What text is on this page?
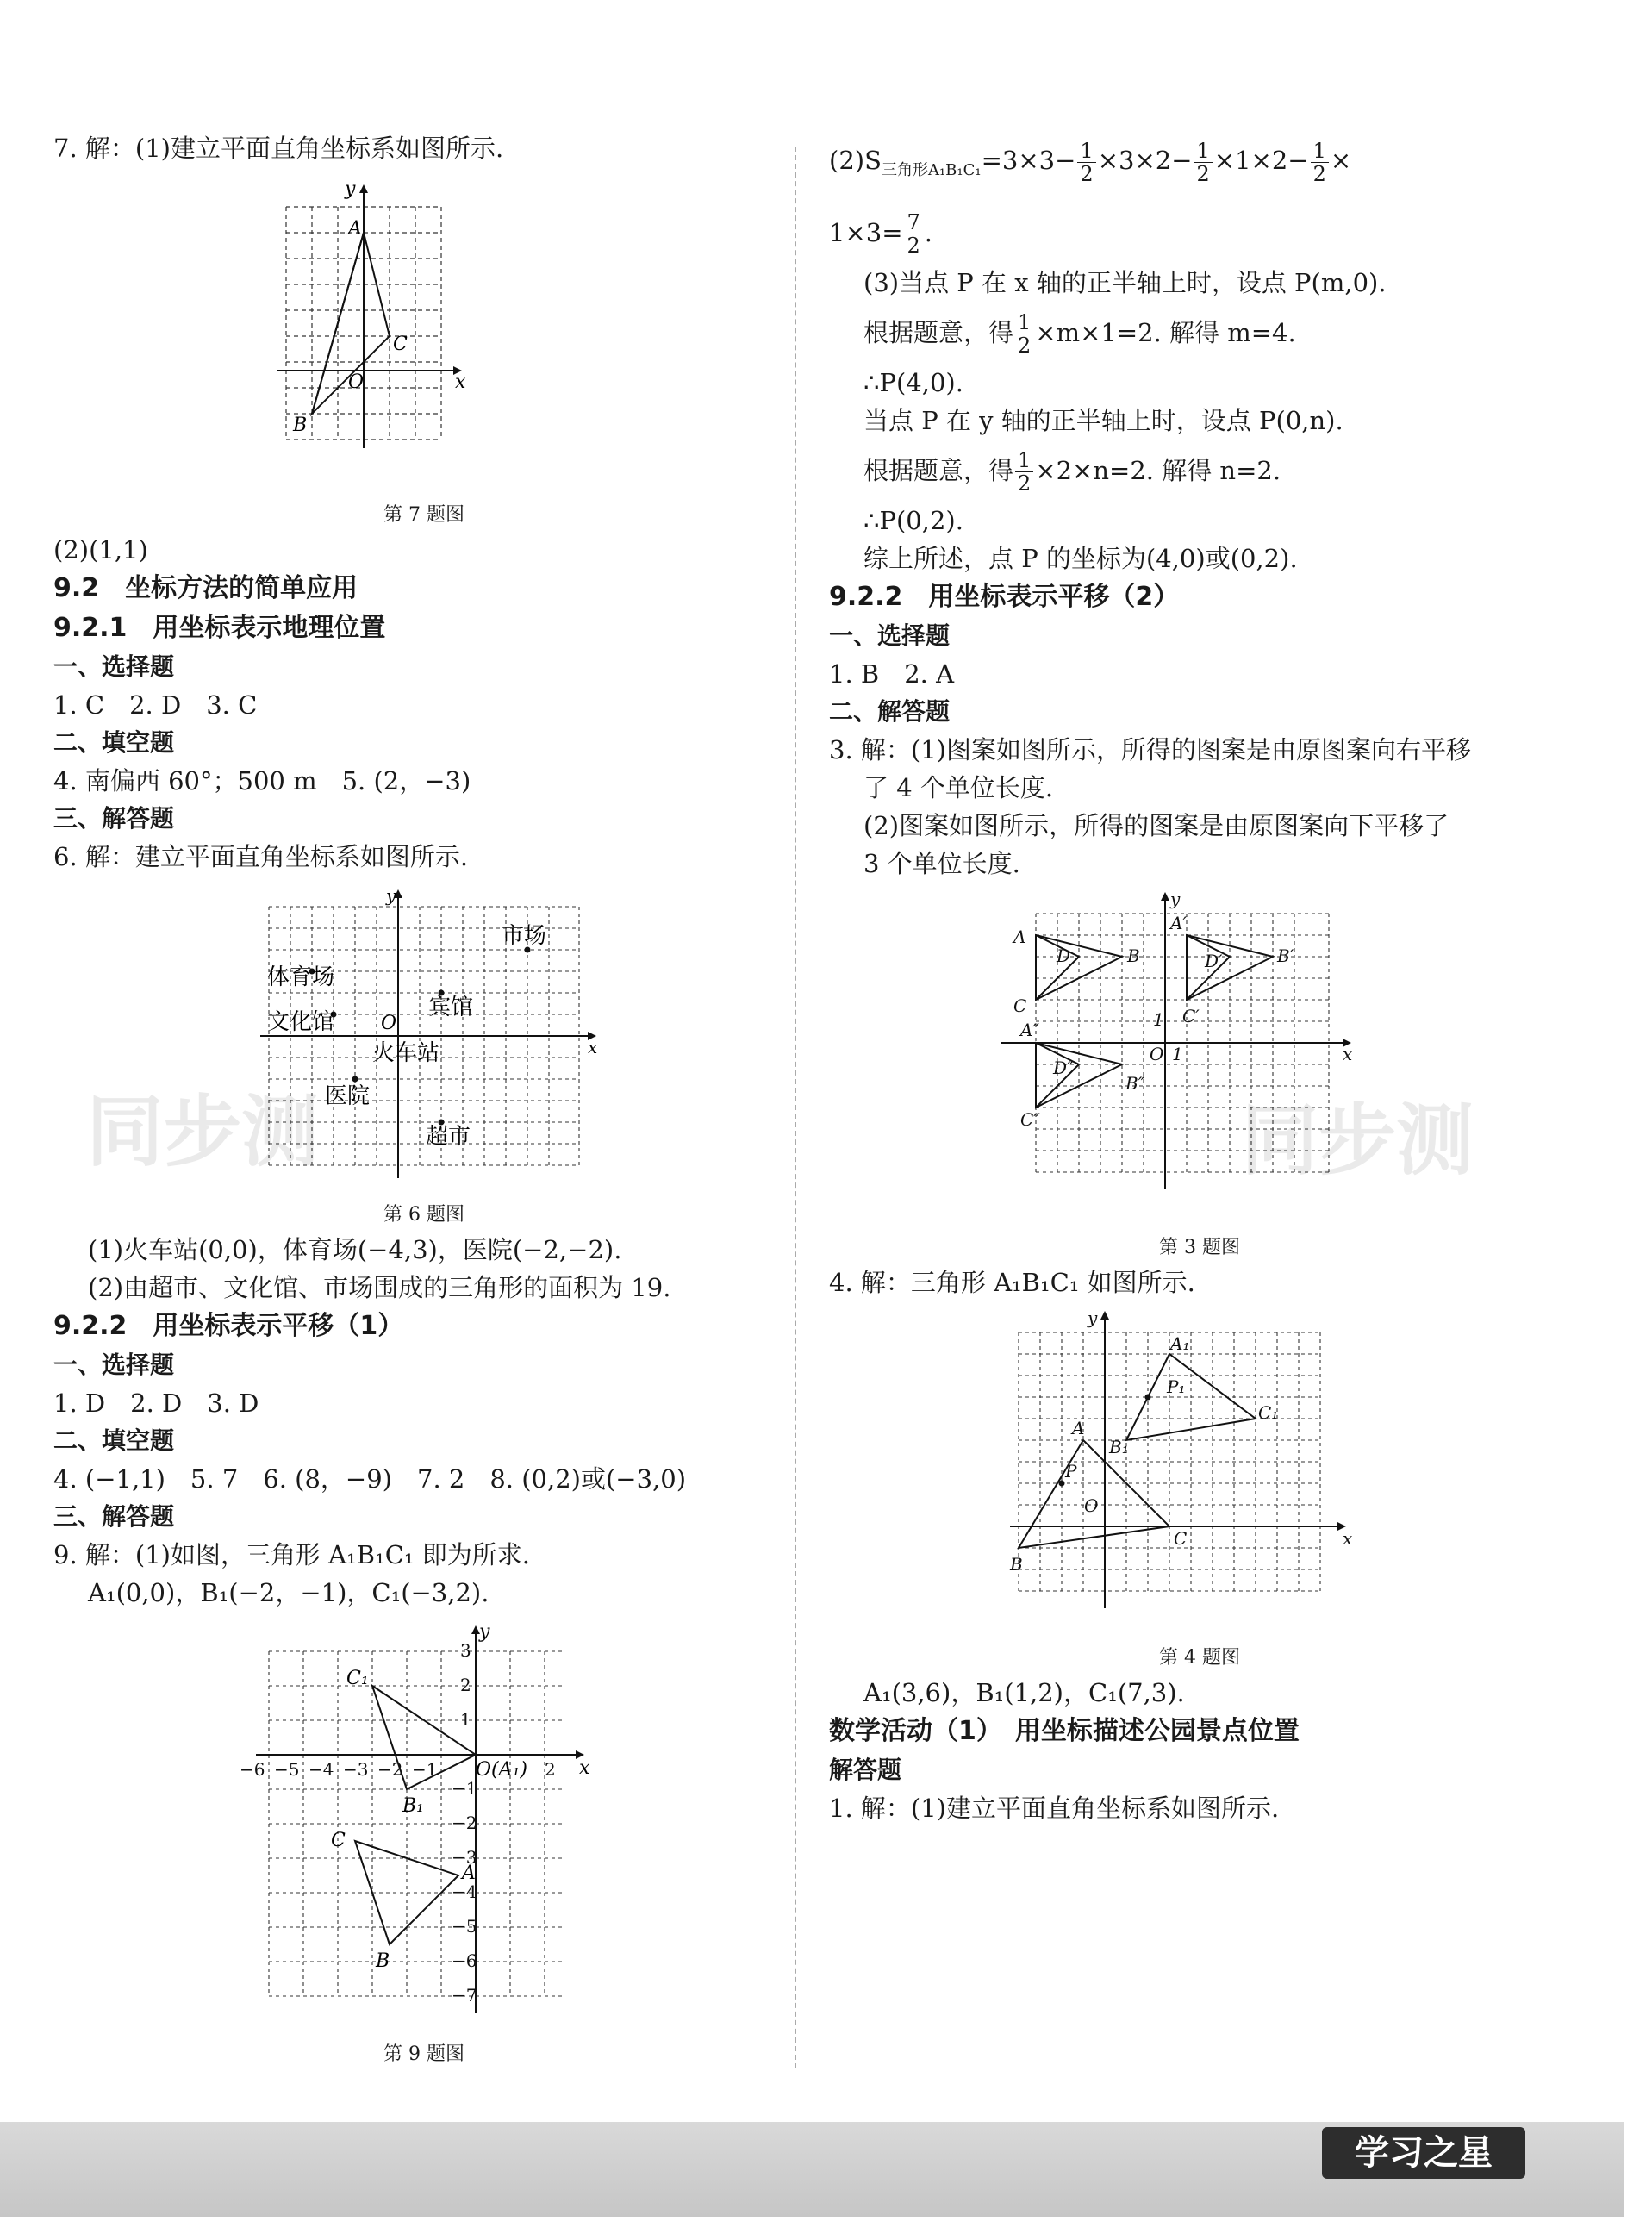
7. 解：(1)建立平面直角坐标系如图所示.
y
x
A
C
O
B
第 7 题图
(2)(1,1)
9.2　坐标方法的简单应用
9.2.1　用坐标表示地理位置
一、选择题
1. C　2. D　3. C
二、填空题
4. 南偏西 60°；500 m　5. (2，−3)
三、解答题
6. 解：建立平面直角坐标系如图所示.
y
x
O
市场
体育场
宾馆
文化馆
火车站
医院
超市
第 6 题图
(1)火车站(0,0)，体育场(−4,3)，医院(−2,−2).
(2)由超市、文化馆、市场围成的三角形的面积为 19.
9.2.2　用坐标表示平移（1）
一、选择题
1. D　2. D　3. D
二、填空题
4. (−1,1)　5. 7　6. (8，−9)　7. 2　8. (0,2)或(−3,0)
三、解答题
9. 解：(1)如图，三角形 A₁B₁C₁ 即为所求.
A₁(0,0)，B₁(−2，−1)，C₁(−3,2).
−6 −5 −4 −3 −2 −1	2
3
2
1
−1
−2
−3
−4
−5
−6
−7
y
x
O(A₁)
C₁
B₁
C
A
B
第 9 题图
$(2)S_{三角形A_1B_1C_1}=3\times 3- \frac{1}{2} \times 3\times 2- \frac{1}{2} \times 1\times 2- \frac{1}{2}$ ×
$1\times 3= \frac{7}{2}$ .
(3)当点 P 在 x 轴的正半轴上时，设点 P(m,0).
根据题意，得 $\frac{1}{2} \times m\times 1=2$. 解得 m=4.
∴P(4,0).
当点 P 在 y 轴的正半轴上时，设点 P(0,n).
根据题意，得 $\frac{1}{2} \times 2\times n=2$. 解得 n=2.
∴P(0,2).
综上所述，点 P 的坐标为(4,0)或(0,2).
9.2.2　用坐标表示平移（2）
一、选择题
1. B　2. A
二、解答题
3. 解：(1)图案如图所示，所得的图案是由原图案向右平移
了 4 个单位长度.
(2)图案如图所示，所得的图案是由原图案向下平移了
3 个单位长度.
y
x
O 1
1
A
D	B
C
A′
D′	B′
C′
A″
D″
B″
C″
第 3 题图
4. 解：三角形 A₁B₁C₁ 如图所示.
y
x
O
A
P
B
C
A₁
P₁
B₁
C₁
第 4 题图
A₁(3,6)，B₁(1,2)，C₁(7,3).
数学活动（1）　用坐标描述公园景点位置
解答题
1. 解：(1)建立平面直角坐标系如图所示.
同步测	同步测
学习之星
